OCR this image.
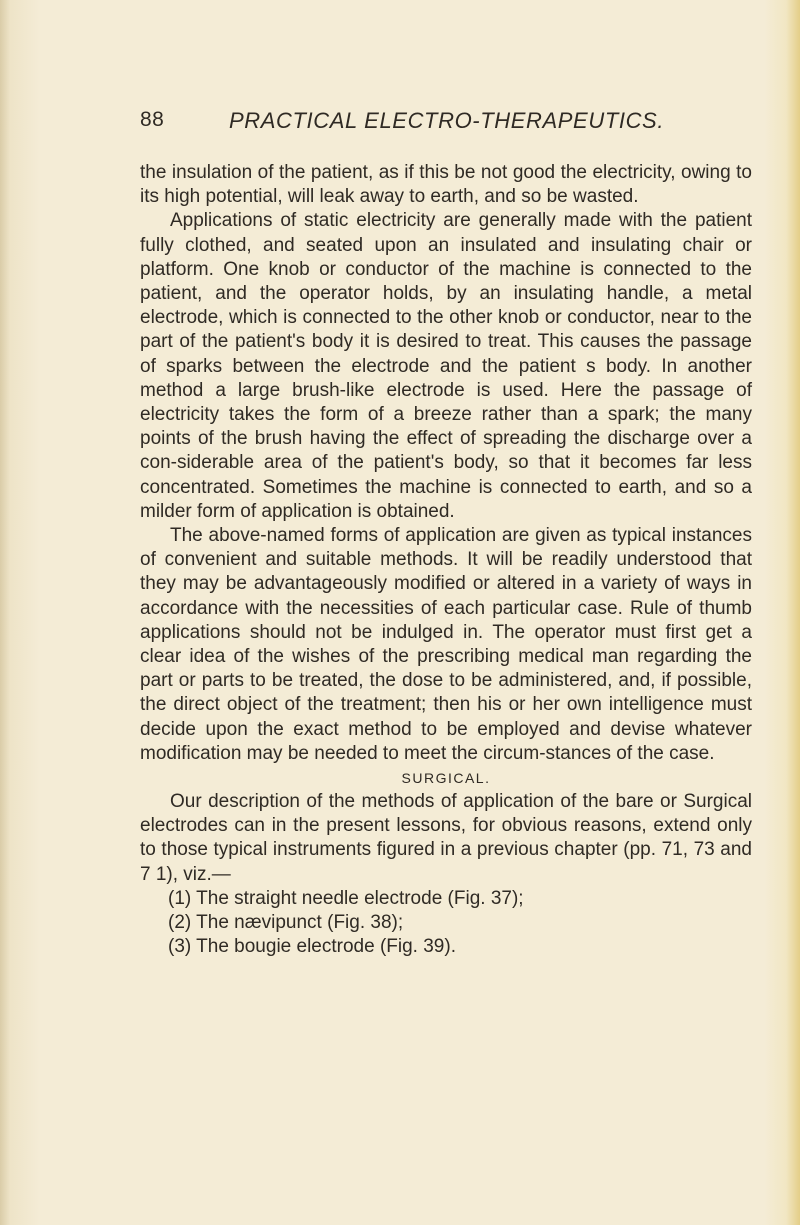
88	PRACTICAL ELECTRO-THERAPEUTICS.

the insulation of the patient, as if this be not good the electricity, owing to its high potential, will leak away to earth, and so be wasted.

Applications of static electricity are generally made with the patient fully clothed, and seated upon an insulated and insulating chair or platform. One knob or conductor of the machine is connected to the patient, and the operator holds, by an insulating handle, a metal electrode, which is connected to the other knob or conductor, near to the part of the patient's body it is desired to treat. This causes the passage of sparks between the electrode and the patient s body. In another method a large brush-like electrode is used. Here the passage of electricity takes the form of a breeze rather than a spark; the many points of the brush having the effect of spreading the discharge over a con-siderable area of the patient's body, so that it becomes far less concentrated. Sometimes the machine is connected to earth, and so a milder form of application is obtained.

The above-named forms of application are given as typical instances of convenient and suitable methods. It will be readily understood that they may be advantageously modified or altered in a variety of ways in accordance with the necessities of each particular case. Rule of thumb applications should not be indulged in. The operator must first get a clear idea of the wishes of the prescribing medical man regarding the part or parts to be treated, the dose to be administered, and, if possible, the direct object of the treatment; then his or her own intelligence must decide upon the exact method to be employed and devise whatever modification may be needed to meet the circum-stances of the case.

SURGICAL.

Our description of the methods of application of the bare or Surgical electrodes can in the present lessons, for obvious reasons, extend only to those typical instruments figured in a previous chapter (pp. 71, 73 and 7 1), viz.—

(1) The straight needle electrode (Fig. 37);

(2) The nævipunct (Fig. 38);

(3) The bougie electrode (Fig. 39).
